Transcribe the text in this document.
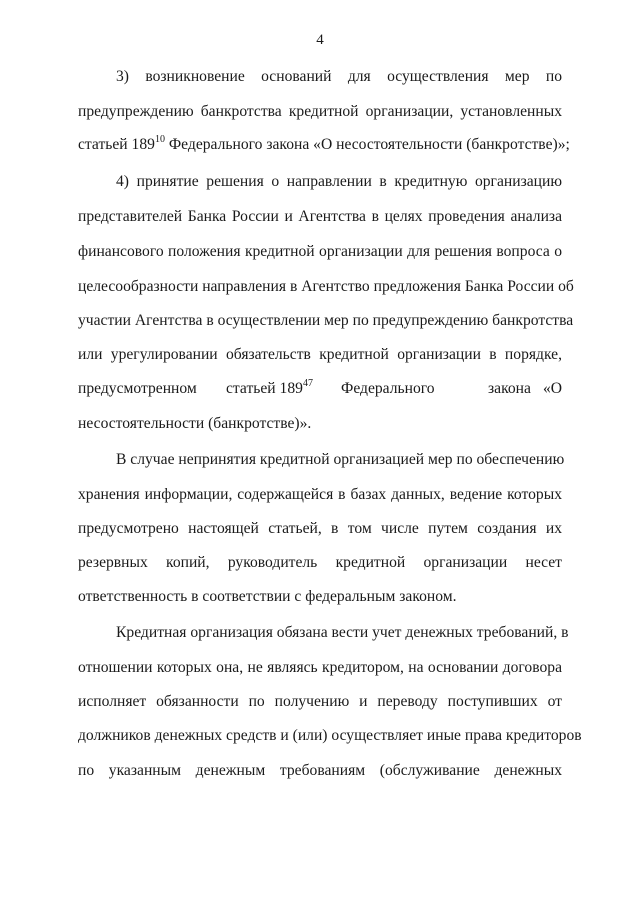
4
3) возникновение оснований для осуществления мер по
предупреждению банкротства кредитной организации, установленных
статьей $189^{10}$ Федерального закона «О несостоятельности (банкротстве)»;
4) принятие решения о направлении в кредитную организацию
представителей Банка России и Агентства в целях проведения анализа
финансового положения кредитной организации для решения вопроса о
целесообразности направления в Агентство предложения Банка России об
участии Агентства в осуществлении мер по предупреждению банкротства
или урегулировании обязательств кредитной организации в порядке,
предусмотренном статьей $189^{47}$ Федерального	закона «О
несостоятельности (банкротстве)».
В случае непринятия кредитной организацией мер по обеспечению
хранения информации, содержащейся в базах данных, ведение которых
предусмотрено настоящей статьей, в том числе путем создания их
резервных копий, руководитель кредитной организации несет
ответственность в соответствии с федеральным законом.
Кредитная организация обязана вести учет денежных требований, в
отношении которых она, не являясь кредитором, на основании договора
исполняет обязанности по получению и переводу поступивших от
должников денежных средств и (или) осуществляет иные права кредиторов
по указанным денежным требованиям (обслуживание денежных
